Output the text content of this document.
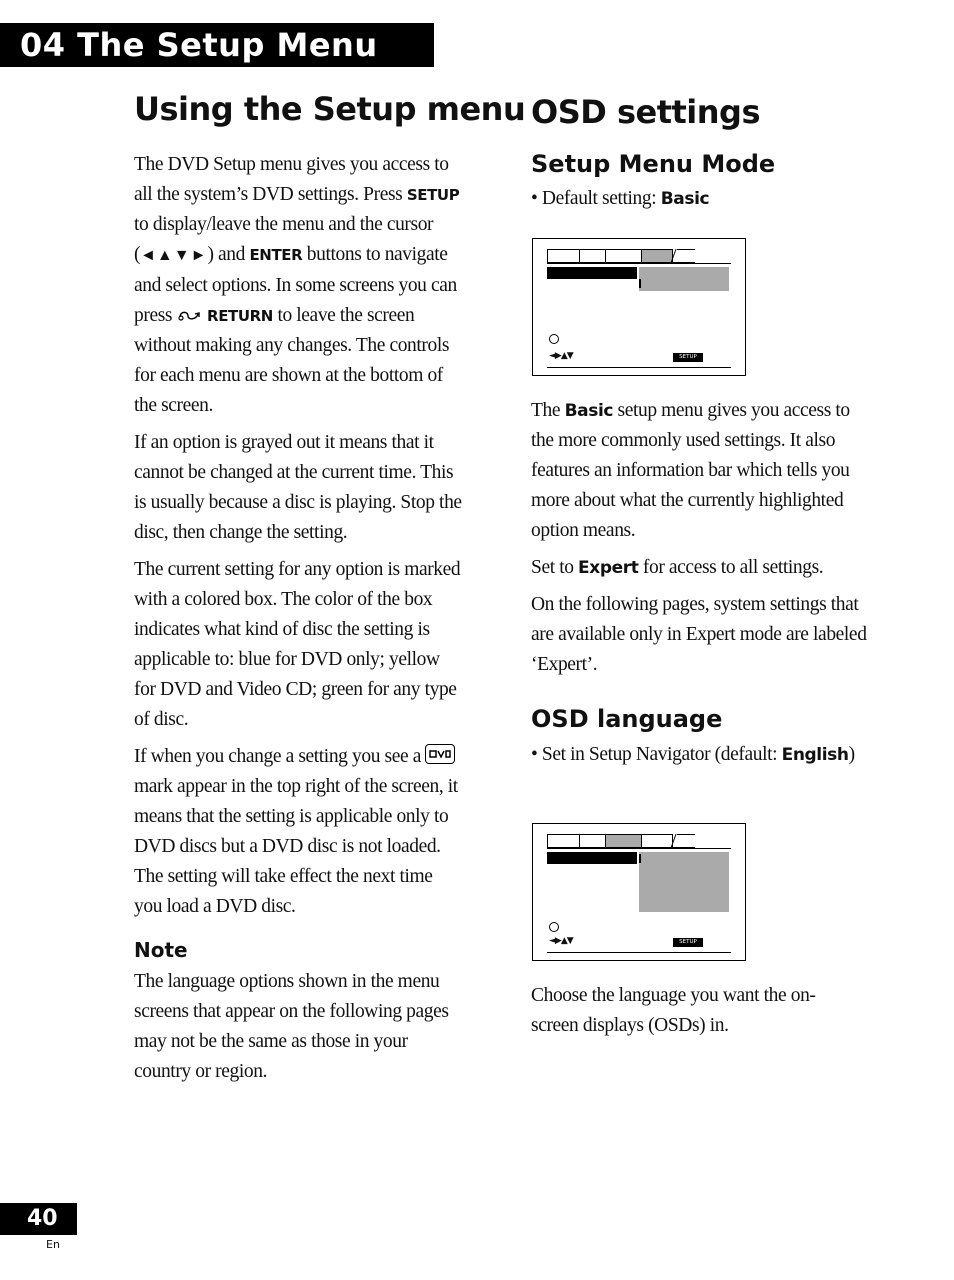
04 The Setup Menu
Using the Setup menu

The DVD Setup menu gives you access to all the system’s DVD settings. Press SETUP to display/leave the menu and the cursor (◄▲▼►) and ENTER buttons to navigate and select options. In some screens you can press  RETURN to leave the screen without making any changes. The controls for each menu are shown at the bottom of the screen.

If an option is grayed out it means that it cannot be changed at the current time. This is usually because a disc is playing. Stop the disc, then change the setting.

The current setting for any option is marked with a colored box. The color of the box indicates what kind of disc the setting is applicable to: blue for DVD only; yellow for DVD and Video CD; green for any type of disc.

If when you change a setting you see a
mark appear in the top right of the screen, it means that the setting is applicable only to DVD discs but a DVD disc is not loaded. The setting will take effect the next time you load a DVD disc.

Note
The language options shown in the menu screens that appear on the following pages may not be the same as those in your country or region.
OSD settings
Setup Menu Mode
• Default setting: Basic
◄▶▲▼	SETUP

The Basic setup menu gives you access to the more commonly used settings. It also features an information bar which tells you more about what the currently highlighted option means.

Set to Expert for access to all settings.

On the following pages, system settings that are available only in Expert mode are labeled ‘Expert’.

OSD language
• Set in Setup Navigator (default: English)
◄▶▲▼	SETUP
Choose the language you want the on-screen displays (OSDs) in.
40
En
